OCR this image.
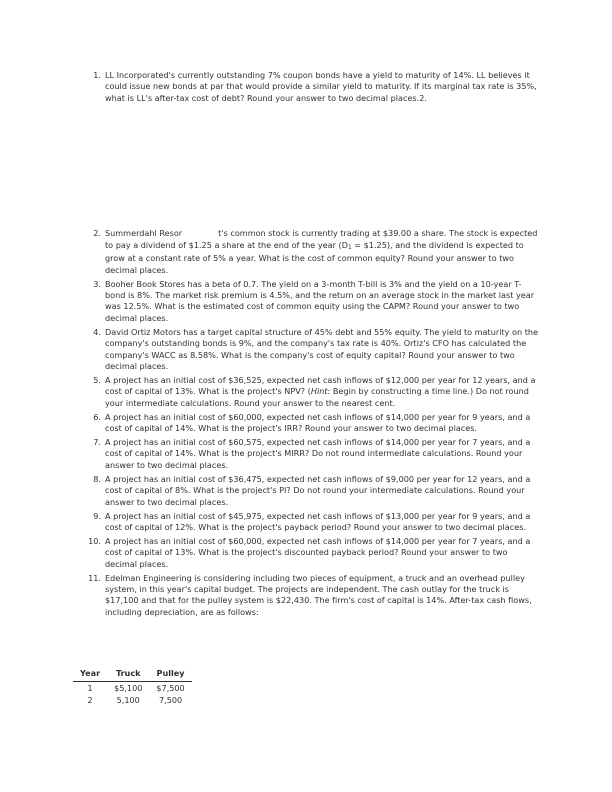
1. LL Incorporated's currently outstanding 7% coupon bonds have a yield to maturity of 14%. LL believes it could issue new bonds at par that would provide a similar yield to maturity. If its marginal tax rate is 35%, what is LL's after-tax cost of debt? Round your answer to two decimal places.2.
2. Summerdahl Resor	t's common stock is currently trading at $39.00 a share. The stock is expected to pay a dividend of $1.25 a share at the end of the year ($D_1$ = $1.25), and the dividend is expected to grow at a constant rate of 5% a year. What is the cost of common equity? Round your answer to two decimal places.
3. Booher Book Stores has a beta of 0.7. The yield on a 3-month T-bill is 3% and the yield on a 10-year T-bond is 8%. The market risk premium is 4.5%, and the return on an average stock in the market last year was 12.5%. What is the estimated cost of common equity using the CAPM? Round your answer to two decimal places.
4. David Ortiz Motors has a target capital structure of 45% debt and 55% equity. The yield to maturity on the company's outstanding bonds is 9%, and the company's tax rate is 40%. Ortiz's CFO has calculated the company's WACC as 8.58%. What is the company's cost of equity capital? Round your answer to two decimal places.
5. A project has an initial cost of $36,525, expected net cash inflows of $12,000 per year for 12 years, and a cost of capital of 13%. What is the project's NPV? (Hint: Begin by constructing a time line.) Do not round your intermediate calculations. Round your answer to the nearest cent.
6. A project has an initial cost of $60,000, expected net cash inflows of $14,000 per year for 9 years, and a cost of capital of 14%. What is the project's IRR? Round your answer to two decimal places.
7. A project has an initial cost of $60,575, expected net cash inflows of $14,000 per year for 7 years, and a cost of capital of 14%. What is the project's MIRR? Do not round intermediate calculations. Round your answer to two decimal places.
8. A project has an initial cost of $36,475, expected net cash inflows of $9,000 per year for 12 years, and a cost of capital of 8%. What is the project's PI? Do not round your intermediate calculations. Round your answer to two decimal places.
9. A project has an initial cost of $45,975, expected net cash inflows of $13,000 per year for 9 years, and a cost of capital of 12%. What is the project's payback period? Round your answer to two decimal places.
10. A project has an initial cost of $60,000, expected net cash inflows of $14,000 per year for 7 years, and a cost of capital of 13%. What is the project's discounted payback period? Round your answer to two decimal places.
11. Edelman Engineering is considering including two pieces of equipment, a truck and an overhead pulley system, in this year's capital budget. The projects are independent. The cash outlay for the truck is $17,100 and that for the pulley system is $22,430. The firm's cost of capital is 14%. After-tax cash flows, including depreciation, are as follows:
Year	Truck	Pulley
1	$5,100	$7,500
2	5,100	7,500
